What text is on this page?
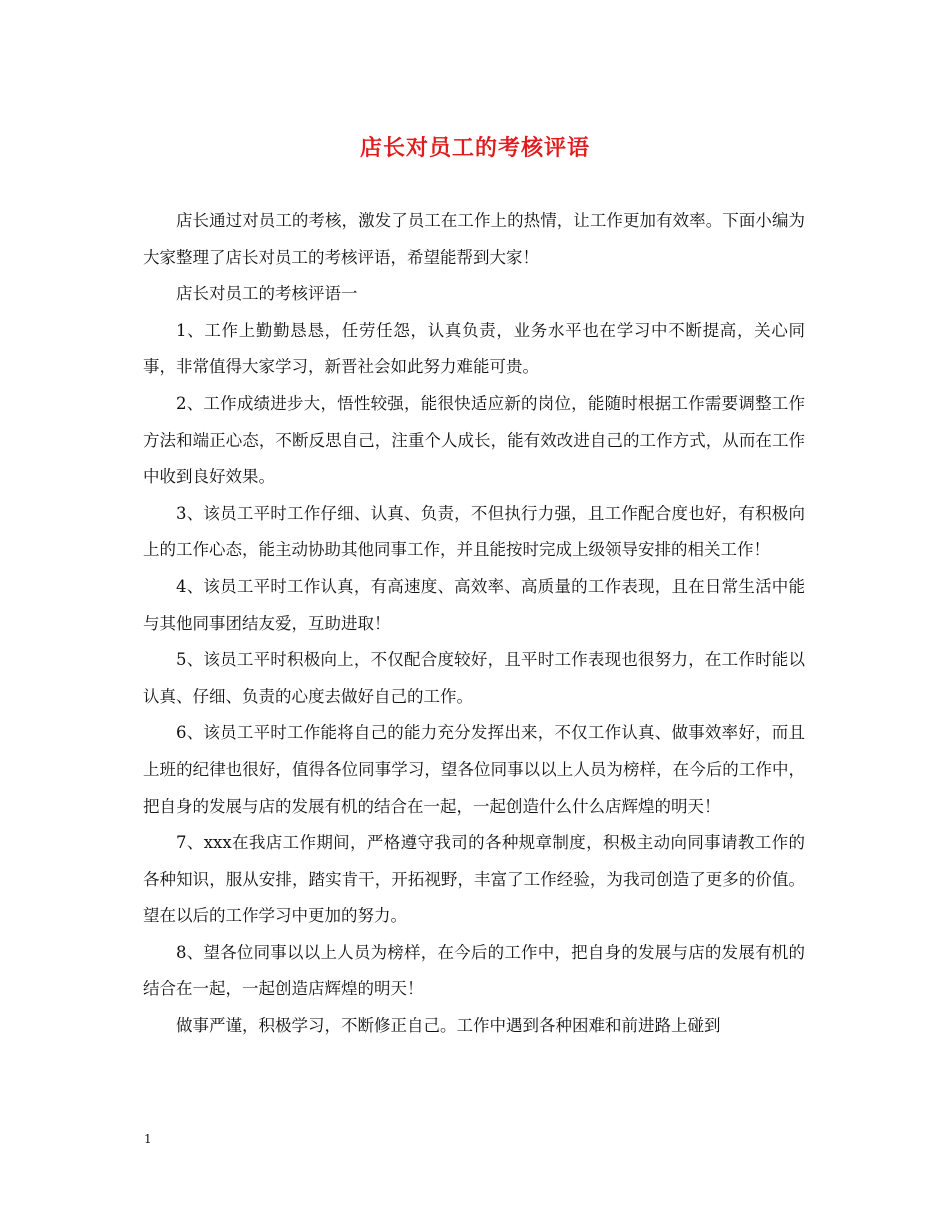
店长对员工的考核评语

店长通过对员工的考核，激发了员工在工作上的热情，让工作更加有效率。下面小编为大家整理了店长对员工的考核评语，希望能帮到大家！

店长对员工的考核评语一

1、工作上勤勤恳恳，任劳任怨，认真负责，业务水平也在学习中不断提高，关心同事，非常值得大家学习，新晋社会如此努力难能可贵。

2、工作成绩进步大，悟性较强，能很快适应新的岗位，能随时根据工作需要调整工作方法和端正心态，不断反思自己，注重个人成长，能有效改进自己的工作方式，从而在工作中收到良好效果。

3、该员工平时工作仔细、认真、负责，不但执行力强，且工作配合度也好，有积极向上的工作心态，能主动协助其他同事工作，并且能按时完成上级领导安排的相关工作！

4、该员工平时工作认真，有高速度、高效率、高质量的工作表现，且在日常生活中能与其他同事团结友爱，互助进取！

5、该员工平时积极向上，不仅配合度较好，且平时工作表现也很努力，在工作时能以认真、仔细、负责的心度去做好自己的工作。

6、该员工平时工作能将自己的能力充分发挥出来，不仅工作认真、做事效率好，而且上班的纪律也很好，值得各位同事学习，望各位同事以以上人员为榜样，在今后的工作中，把自身的发展与店的发展有机的结合在一起，一起创造什么什么店辉煌的明天！

7、xxx在我店工作期间，严格遵守我司的各种规章制度，积极主动向同事请教工作的各种知识，服从安排，踏实肯干，开拓视野，丰富了工作经验，为我司创造了更多的价值。望在以后的工作学习中更加的努力。

8、望各位同事以以上人员为榜样，在今后的工作中，把自身的发展与店的发展有机的结合在一起，一起创造店辉煌的明天！

做事严谨，积极学习，不断修正自己。工作中遇到各种困难和前进路上碰到

1
